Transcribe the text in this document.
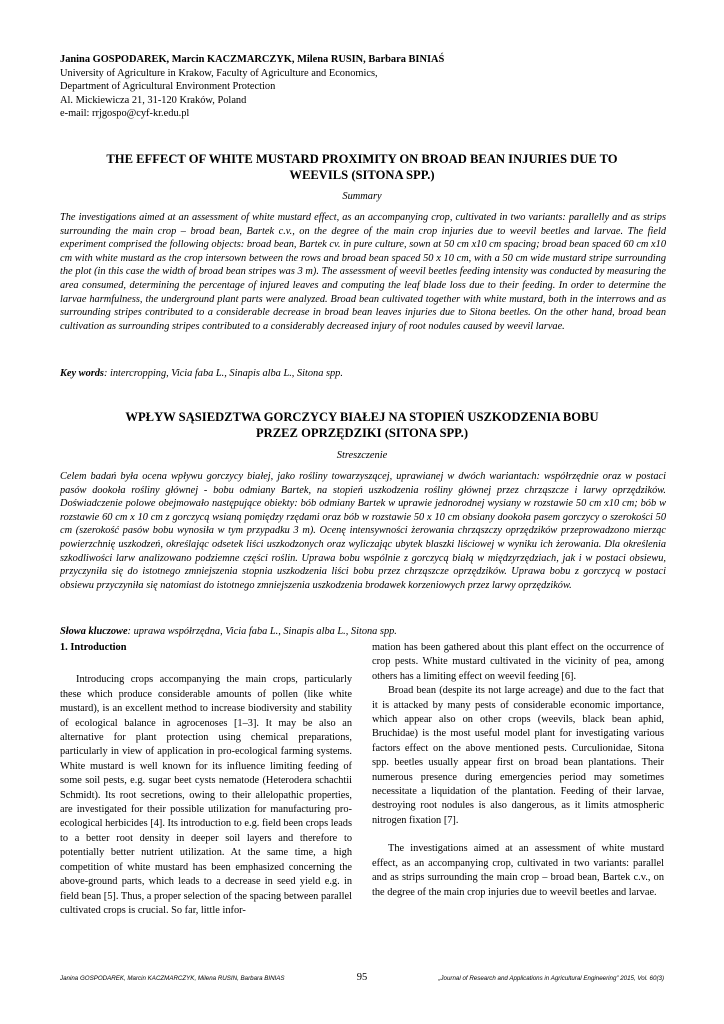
Janina GOSPODAREK, Marcin KACZMARCZYK, Milena RUSIN, Barbara BINIAŚ
University of Agriculture in Krakow, Faculty of Agriculture and Economics,
Department of Agricultural Environment Protection
Al. Mickiewicza 21, 31-120 Kraków, Poland
e-mail: rrjgospo@cyf-kr.edu.pl
THE EFFECT OF WHITE MUSTARD PROXIMITY ON BROAD BEAN INJURIES DUE TO
WEEVILS (SITONA SPP.)
Summary

The investigations aimed at an assessment of white mustard effect, as an accompanying crop, cultivated in two variants: parallelly and as strips surrounding the main crop – broad bean, Bartek c.v., on the degree of the main crop injuries due to weevil beetles and larvae. The field experiment comprised the following objects: broad bean, Bartek cv. in pure culture, sown at 50 cm x10 cm spacing; broad bean spaced 60 cm x10 cm with white mustard as the crop intersown between the rows and broad bean spaced 50 x 10 cm, with a 50 cm wide mustard stripe surrounding the plot (in this case the width of broad bean stripes was 3 m). The assessment of weevil beetles feeding intensity was conducted by measuring the area consumed, determining the percentage of injured leaves and computing the leaf blade loss due to their feeding. In order to determine the larvae harmfulness, the underground plant parts were analyzed. Broad bean cultivated together with white mustard, both in the interrows and as surrounding stripes contributed to a considerable decrease in broad bean leaves injuries due to Sitona beetles. On the other hand, broad bean cultivation as surrounding stripes contributed to a considerably decreased injury of root nodules caused by weevil larvae.

Key words: intercropping, Vicia faba L., Sinapis alba L., Sitona spp.
WPŁYW SĄSIEDZTWA GORCZYCY BIAŁEJ NA STOPIEŃ USZKODZENIA BOBU
PRZEZ OPRZĘDZIKI (SITONA SPP.)
Streszczenie

Celem badań była ocena wpływu gorczycy białej, jako rośliny towarzyszącej, uprawianej w dwóch wariantach: współrzędnie oraz w postaci pasów dookoła rośliny głównej - bobu odmiany Bartek, na stopień uszkodzenia rośliny głównej przez chrząszcze i larwy oprzędzików. Doświadczenie polowe obejmowało następujące obiekty: bób odmiany Bartek w uprawie jednorodnej wysiany w rozstawie 50 cm x10 cm; bób w rozstawie 60 cm x 10 cm z gorczycą wsianą pomiędzy rzędami oraz bób w rozstawie 50 x 10 cm obsiany dookoła pasem gorczycy o szerokości 50 cm (szerokość pasów bobu wynosiła w tym przypadku 3 m). Ocenę intensywności żerowania chrząszczy oprzędzików przeprowadzono mierząc powierzchnię uszkodzeń, określając odsetek liści uszkodzonych oraz wyliczając ubytek blaszki liściowej w wyniku ich żerowania. Dla określenia szkodliwości larw analizowano podziemne części roślin. Uprawa bobu wspólnie z gorczycą białą w międzyrzędziach, jak i w postaci obsiewu, przyczyniła się do istotnego zmniejszenia stopnia uszkodzenia liści bobu przez chrząszcze oprzędzików. Uprawa bobu z gorczycą w postaci obsiewu przyczyniła się natomiast do istotnego zmniejszenia uszkodzenia brodawek korzeniowych przez larwy oprzędzików.

Słowa kluczowe: uprawa współrzędna, Vicia faba L., Sinapis alba L., Sitona spp.
1. Introduction

Introducing crops accompanying the main crops, particularly these which produce considerable amounts of pollen (like white mustard), is an excellent method to increase biodiversity and stability of ecological balance in agrocenoses [1–3]. It may be also an alternative for plant protection using chemical preparations, particularly in view of application in pro-ecological farming systems. White mustard is well known for its influence limiting feeding of some soil pests, e.g. sugar beet cysts nematode (Heterodera schachtii Schmidt). Its root secretions, owing to their allelopathic properties, are investigated for their possible utilization for manufacturing pro-ecological herbicides [4]. Its introduction to e.g. field been crops leads to a better root density in deeper soil layers and therefore to potentially better nutrient utilization. At the same time, a high competition of white mustard has been emphasized concerning the above-ground parts, which leads to a decrease in seed yield e.g. in field bean [5]. Thus, a proper selection of the spacing between parallel cultivated crops is crucial. So far, little infor-

mation has been gathered about this plant effect on the occurrence of crop pests. White mustard cultivated in the vicinity of pea, among others has a limiting effect on weevil feeding [6].

Broad bean (despite its not large acreage) and due to the fact that it is attacked by many pests of considerable economic importance, which appear also on other crops (weevils, black bean aphid, Bruchidae) is the most useful model plant for investigating various factors effect on the above mentioned pests. Curculionidae, Sitona spp. beetles usually appear first on broad bean plantations. Their numerous presence during emergencies period may sometimes necessitate a liquidation of the plantation. Feeding of their larvae, destroying root nodules is also dangerous, as it limits atmospheric nitrogen fixation [7].

The investigations aimed at an assessment of white mustard effect, as an accompanying crop, cultivated in two variants: parallel and as strips surrounding the main crop – broad bean, Bartek c.v., on the degree of the main crop injuries due to weevil beetles and larvae.

Janina GOSPODAREK, Marcin KACZMARCZYK, Milena RUSIN, Barbara BINIAS	95	„Journal of Research and Applications in Agricultural Engineering” 2015, Vol. 60(3)
